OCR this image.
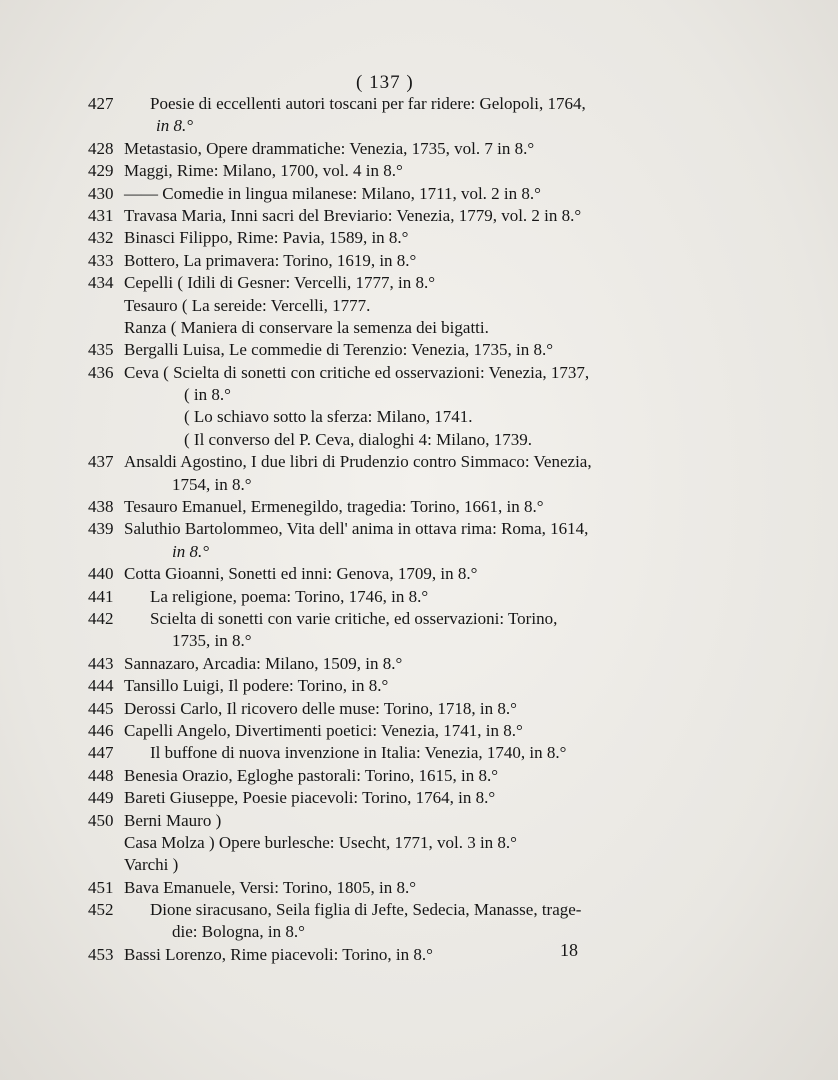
( 137 )
427	Poesie di eccellenti autori toscani per far ridere: Gelopoli, 1764,
in 8.°
428 Metastasio, Opere drammatiche: Venezia, 1735, vol. 7 in 8.°
429 Maggi, Rime: Milano, 1700, vol. 4 in 8.°
430 —— Comedie in lingua milanese: Milano, 1711, vol. 2 in 8.°
431 Travasa Maria, Inni sacri del Breviario: Venezia, 1779, vol. 2 in 8.°
432 Binasci Filippo, Rime: Pavia, 1589, in 8.°
433 Bottero, La primavera: Torino, 1619, in 8.°
434 Cepelli ( Idili di Gesner: Vercelli, 1777, in 8.°
Tesauro ( La sereide: Vercelli, 1777.
Ranza ( Maniera di conservare la semenza dei bigatti.
435 Bergalli Luisa, Le commedie di Terenzio: Venezia, 1735, in 8.°
436 Ceva ( Scielta di sonetti con critiche ed osservazioni: Venezia, 1737,
( in 8.°
( Lo schiavo sotto la sferza: Milano, 1741.
( Il converso del P. Ceva, dialoghi 4: Milano, 1739.
437 Ansaldi Agostino, I due libri di Prudenzio contro Simmaco: Venezia,
1754, in 8.°
438 Tesauro Emanuel, Ermenegildo, tragedia: Torino, 1661, in 8.°
439 Saluthio Bartolommeo, Vita dell' anima in ottava rima: Roma, 1614,
in 8.°
440 Cotta Gioanni, Sonetti ed inni: Genova, 1709, in 8.°
441	La religione, poema: Torino, 1746, in 8.°
442	Scielta di sonetti con varie critiche, ed osservazioni: Torino,
1735, in 8.°
443 Sannazaro, Arcadia: Milano, 1509, in 8.°
444 Tansillo Luigi, Il podere: Torino, in 8.°
445 Derossi Carlo, Il ricovero delle muse: Torino, 1718, in 8.°
446 Capelli Angelo, Divertimenti poetici: Venezia, 1741, in 8.°
447	Il buffone di nuova invenzione in Italia: Venezia, 1740, in 8.°
448 Benesia Orazio, Egloghe pastorali: Torino, 1615, in 8.°
449 Bareti Giuseppe, Poesie piacevoli: Torino, 1764, in 8.°
450 Berni Mauro )
Casa Molza ) Opere burlesche: Usecht, 1771, vol. 3 in 8.°
Varchi )
451 Bava Emanuele, Versi: Torino, 1805, in 8.°
452	Dione siracusano, Seila figlia di Jefte, Sedecia, Manasse, trage-
die: Bologna, in 8.°
453 Bassi Lorenzo, Rime piacevoli: Torino, in 8.°	18
